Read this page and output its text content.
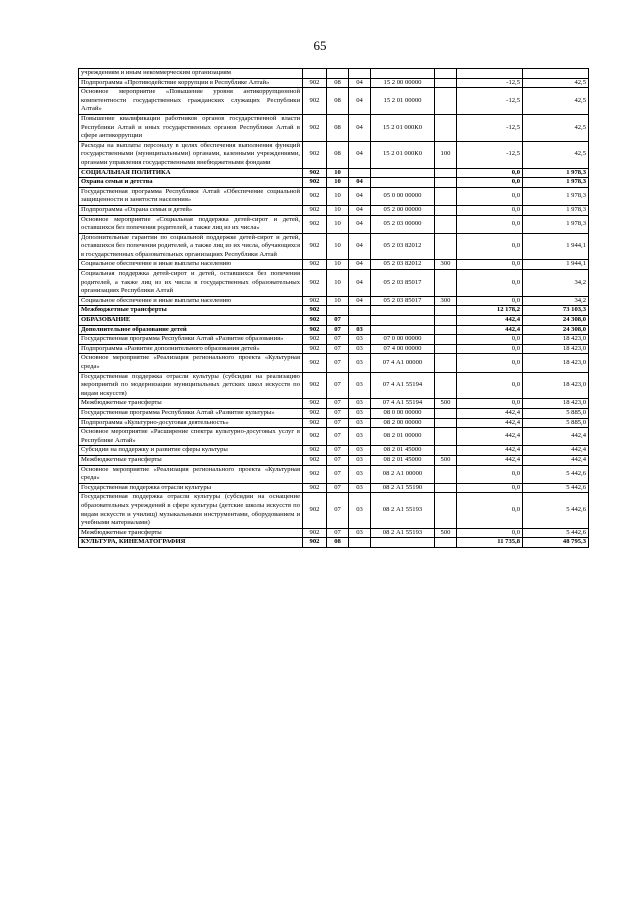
65
учреждениям и иным некоммерческим организациям							
Подпрограмма «Противодействие коррупции в Республике Алтай»	902	08	04	15 2 00 00000		-12,5	42,5
Основное мероприятие «Повышение уровня антикоррупционной компетентности государственных гражданских служащих Республики Алтай»	902	08	04	15 2 01 00000		-12,5	42,5
Повышение квалификации работников органов государственной власти Республики Алтай и иных государственных органов Республики Алтай в сфере антикоррупции	902	08	04	15 2 01 000К0		-12,5	42,5
Расходы на выплаты персоналу в целях обеспечения выполнения функций государственными (муниципальными) органами, казенными учреждениями, органами управления государственными внебюджетными фондами	902	08	04	15 2 01 000К0	100	-12,5	42,5
СОЦИАЛЬНАЯ ПОЛИТИКА	902	10				0,0	1 978,3
Охрана семьи и детства	902	10	04			0,0	1 978,3
Государственная программа Республики Алтай «Обеспечение социальной защищенности и занятости населения»	902	10	04	05 0 00 00000		0,0	1 978,3
Подпрограмма «Охрана семьи и детей»	902	10	04	05 2 00 00000		0,0	1 978,3
Основное мероприятие «Социальная поддержка детей-сирот и детей, оставшихся без попечения родителей, а также лиц из их числа»	902	10	04	05 2 03 00000		0,0	1 978,3
Дополнительные гарантии по социальной поддержке детей-сирот и детей, оставшихся без попечения родителей, а также лиц из их числа, обучающихся в государственных образовательных организациях Республики Алтай	902	10	04	05 2 03 82012		0,0	1 944,1
Социальное обеспечение и иные выплаты населению	902	10	04	05 2 03 82012	300	0,0	1 944,1
Социальная поддержка детей-сирот и детей, оставшихся без попечения родителей, а также лиц из их числа в государственных образовательных организациях Республики Алтай	902	10	04	05 2 03 85017		0,0	34,2
Социальное обеспечение и иные выплаты населению	902	10	04	05 2 03 85017	300	0,0	34,2
Межбюджетные трансферты	902					12 178,2	73 103,3
ОБРАЗОВАНИЕ	902	07				442,4	24 308,0
Дополнительное образование детей	902	07	03			442,4	24 308,0
Государственная программа Республики Алтай «Развитие образования»	902	07	03	07 0 00 00000		0,0	18 423,0
Подпрограмма «Развитие дополнительного образования детей»	902	07	03	07 4 00 00000		0,0	18 423,0
Основное мероприятие «Реализация регионального проекта «Культурная среда»	902	07	03	07 4 А1 00000		0,0	18 423,0
Государственная поддержка отрасли культуры (субсидии на реализацию мероприятий по модернизации муниципальных детских школ искусств по видам искусств)	902	07	03	07 4 А1 55194		0,0	18 423,0
Межбюджетные трансферты	902	07	03	07 4 А1 55194	500	0,0	18 423,0
Государственная программа Республики Алтай «Развитие культуры»	902	07	03	08 0 00 00000		442,4	5 885,0
Подпрограмма «Культурно-досуговая деятельность»	902	07	03	08 2 00 00000		442,4	5 885,0
Основное мероприятие «Расширение спектра культурно-досуговых услуг в Республике Алтай»	902	07	03	08 2 01 00000		442,4	442,4
Субсидии на поддержку и развитие сферы культуры	902	07	03	08 2 01 45000		442,4	442,4
Межбюджетные трансферты	902	07	03	08 2 01 45000	500	442,4	442,4
Основное мероприятие «Реализация регионального проекта «Культурная среда»	902	07	03	08 2 А1 00000		0,0	5 442,6
Государственная поддержка отрасли культуры	902	07	03	08 2 А1 55190		0,0	5 442,6
Государственная поддержка отрасли культуры (субсидии на оснащение образовательных учреждений в сфере культуры (детские школы искусств по видам искусств и училищ) музыкальными инструментами, оборудованием и учебными материалами)	902	07	03	08 2 А1 55193		0,0	5 442,6
Межбюджетные трансферты	902	07	03	08 2 А1 55193	500	0,0	5 442,6
КУЛЬТУРА, КИНЕМАТОГРАФИЯ	902	08				11 735,8	48 795,3
